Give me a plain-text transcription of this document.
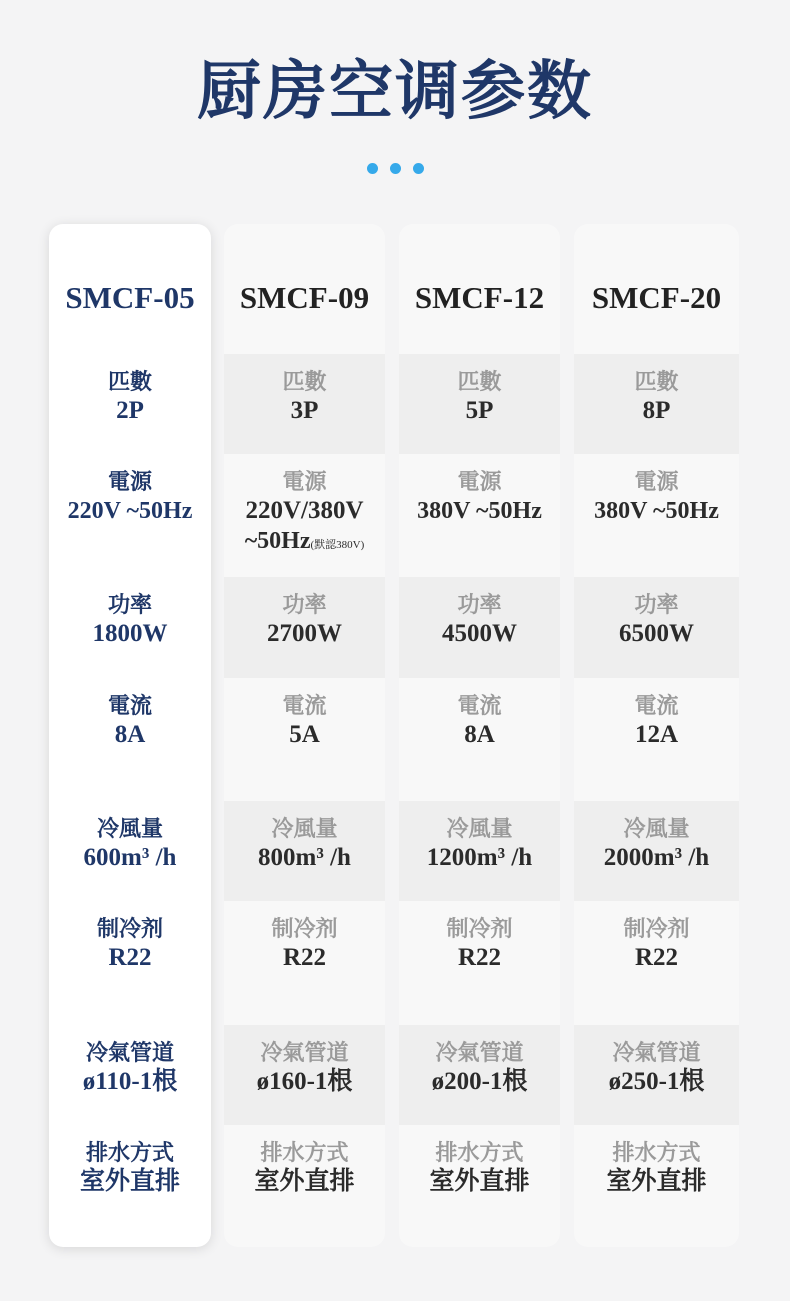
厨房空调参数
SMCF-05
匹數
2P
電源
220V ~50Hz
功率
1800W
電流
8A
冷風量
600m³ /h
制冷剂
R22
冷氣管道
ø110-1根
排水方式
室外直排
SMCF-09
匹數
3P
電源
220V/380V
~50Hz(默認380V)
功率
2700W
電流
5A
冷風量
800m³ /h
制冷剂
R22
冷氣管道
ø160-1根
排水方式
室外直排
SMCF-12
匹數
5P
電源
380V ~50Hz
功率
4500W
電流
8A
冷風量
1200m³ /h
制冷剂
R22
冷氣管道
ø200-1根
排水方式
室外直排
SMCF-20
匹數
8P
電源
380V ~50Hz
功率
6500W
電流
12A
冷風量
2000m³ /h
制冷剂
R22
冷氣管道
ø250-1根
排水方式
室外直排
